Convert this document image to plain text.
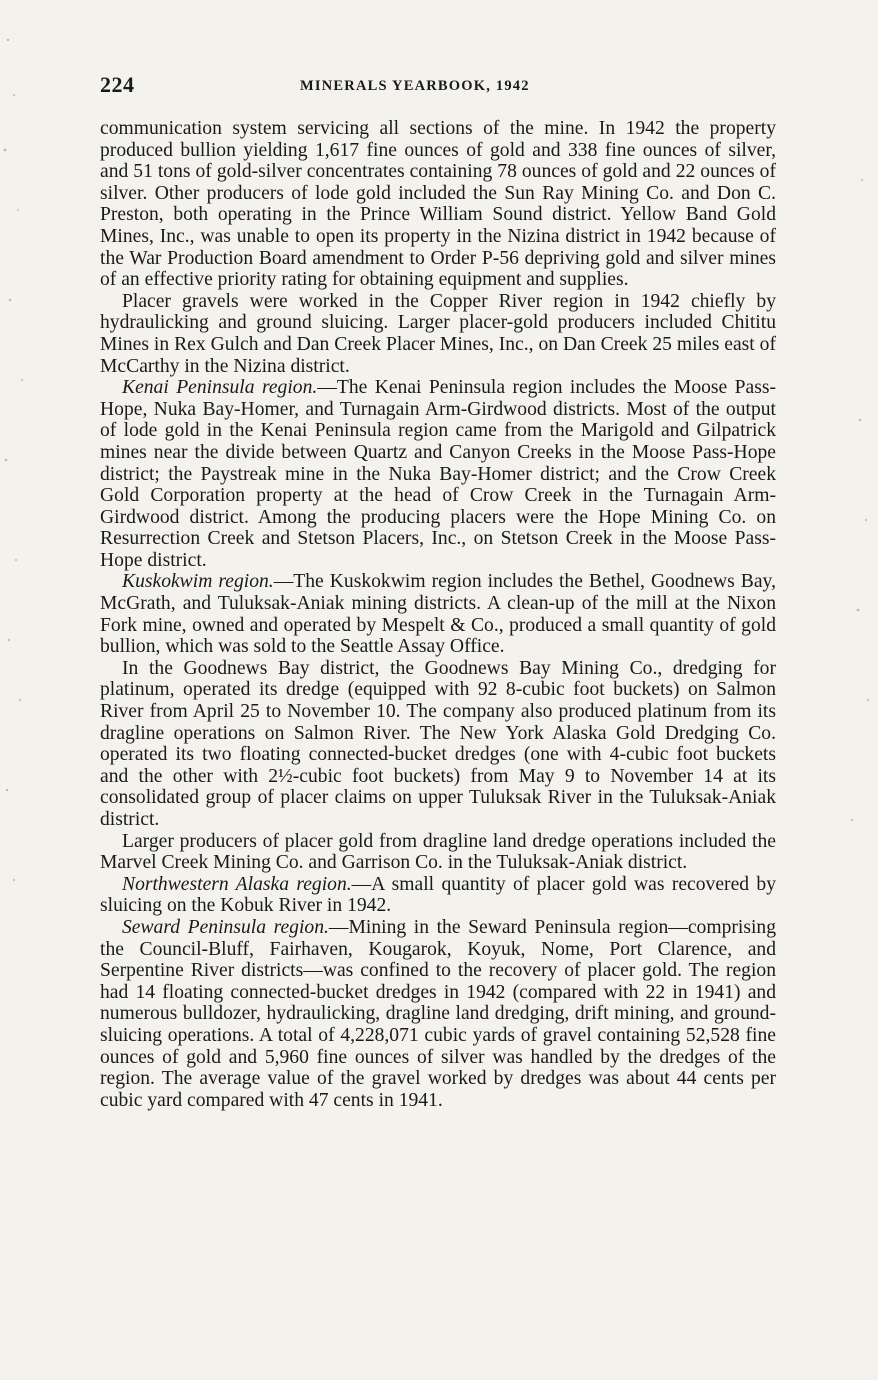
224	MINERALS YEARBOOK, 1942

communication system servicing all sections of the mine. In 1942 the property produced bullion yielding 1,617 fine ounces of gold and 338 fine ounces of silver, and 51 tons of gold-silver concentrates containing 78 ounces of gold and 22 ounces of silver. Other producers of lode gold included the Sun Ray Mining Co. and Don C. Preston, both operating in the Prince William Sound district. Yellow Band Gold Mines, Inc., was unable to open its property in the Nizina district in 1942 because of the War Production Board amendment to Order P-56 depriving gold and silver mines of an effective priority rating for obtaining equipment and supplies.

Placer gravels were worked in the Copper River region in 1942 chiefly by hydraulicking and ground sluicing. Larger placer-gold producers included Chititu Mines in Rex Gulch and Dan Creek Placer Mines, Inc., on Dan Creek 25 miles east of McCarthy in the Nizina district.

Kenai Peninsula region.—The Kenai Peninsula region includes the Moose Pass-Hope, Nuka Bay-Homer, and Turnagain Arm-Girdwood districts. Most of the output of lode gold in the Kenai Peninsula region came from the Marigold and Gilpatrick mines near the divide between Quartz and Canyon Creeks in the Moose Pass-Hope district; the Paystreak mine in the Nuka Bay-Homer district; and the Crow Creek Gold Corporation property at the head of Crow Creek in the Turnagain Arm-Girdwood district. Among the producing placers were the Hope Mining Co. on Resurrection Creek and Stetson Placers, Inc., on Stetson Creek in the Moose Pass-Hope district.

Kuskokwim region.—The Kuskokwim region includes the Bethel, Goodnews Bay, McGrath, and Tuluksak-Aniak mining districts. A clean-up of the mill at the Nixon Fork mine, owned and operated by Mespelt & Co., produced a small quantity of gold bullion, which was sold to the Seattle Assay Office.

In the Goodnews Bay district, the Goodnews Bay Mining Co., dredging for platinum, operated its dredge (equipped with 92 8-cubic foot buckets) on Salmon River from April 25 to November 10. The company also produced platinum from its dragline operations on Salmon River. The New York Alaska Gold Dredging Co. operated its two floating connected-bucket dredges (one with 4-cubic foot buckets and the other with 2½-cubic foot buckets) from May 9 to November 14 at its consolidated group of placer claims on upper Tuluksak River in the Tuluksak-Aniak district.

Larger producers of placer gold from dragline land dredge operations included the Marvel Creek Mining Co. and Garrison Co. in the Tuluksak-Aniak district.

Northwestern Alaska region.—A small quantity of placer gold was recovered by sluicing on the Kobuk River in 1942.

Seward Peninsula region.—Mining in the Seward Peninsula region—comprising the Council-Bluff, Fairhaven, Kougarok, Koyuk, Nome, Port Clarence, and Serpentine River districts—was confined to the recovery of placer gold. The region had 14 floating connected-bucket dredges in 1942 (compared with 22 in 1941) and numerous bulldozer, hydraulicking, dragline land dredging, drift mining, and ground-sluicing operations. A total of 4,228,071 cubic yards of gravel containing 52,528 fine ounces of gold and 5,960 fine ounces of silver was handled by the dredges of the region. The average value of the gravel worked by dredges was about 44 cents per cubic yard compared with 47 cents in 1941.
